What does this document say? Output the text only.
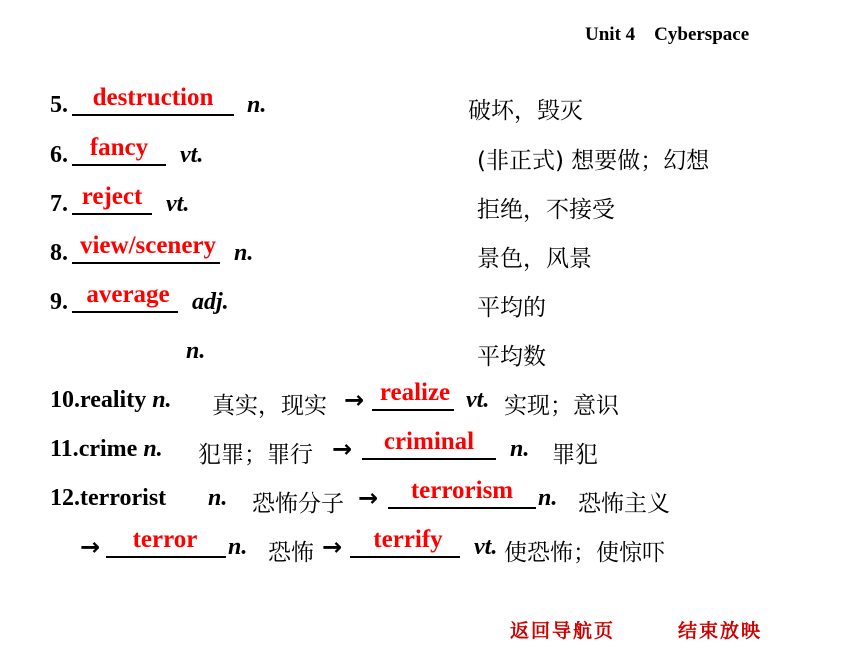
Unit 4 Cyberspace
5. destruction	n.	破坏，毁灭
6. fancy	vt.	(非正式) 想要做；幻想
7. reject vt.	拒绝，不接受
8. view/scenery n.	景色，风景
9. average adj.	平均的
n.	平均数
10.reality n. 真实，现实 → realize vt. 实现；意识
11.crime n. 犯罪；罪行 →	criminal	n. 罪犯
12.terrorist n. 恐怖分子 →	terrorism	n. 恐怖主义
→	terror	n. 恐怖 →	terrify	vt. 使恐怖；使惊吓
返回导航页	结束放映
